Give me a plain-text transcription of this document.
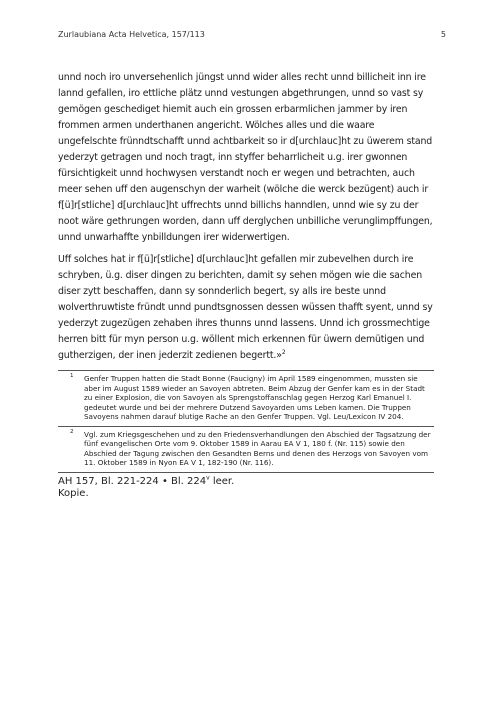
Zurlaubiana Acta Helvetica, 157/113	5

unnd noch iro unversehenlich jüngst unnd wider alles recht unnd billicheit inn ire lannd gefallen, iro ettliche plätz unnd vestungen abgethrungen, unnd so vast sy gemögen geschediget hiemit auch ein grossen erbarmlichen jammer by iren frommen armen underthanen angericht. Wölches alles und die waare ungefelschte frünndtschafft unnd achtbarkeit so ir d[urchlauc]ht zu üwerem stand yederzyt getragen und noch tragt, inn styffer beharrlicheit u.g. irer gwonnen fürsichtigkeit unnd hochwysen verstandt noch er wegen und betrachten, auch meer sehen uff den augenschyn der warheit (wölche die werck bezügent) auch ir f[ü]r[stliche] d[urchlauc]ht uffrechts unnd billichs hanndlen, unnd wie sy zu der noot wäre gethrungen worden, dann uff derglychen unbilliche verunglimpffungen, unnd unwarhaffte ynbilldungen irer widerwertigen.

Uff solches hat ir f[ü]r[stliche] d[urchlauc]ht gefallen mir zubevelhen durch ire schryben, ü.g. diser dingen zu berichten, damit sy sehen mögen wie die sachen diser zytt beschaffen, dann sy sonnderlich begert, sy alls ire beste unnd wolverthruwtiste fründt unnd pundtsgnossen dessen wüssen thafft syent, unnd sy yederzyt zugezügen zehaben ihres thunns unnd lassens. Unnd ich grossmechtige herren bitt für myn person u.g. wöllent mich erkennen für üwern demütigen und gutherzigen, der inen jederzit zedienen begertt.»$^2$

1 Genfer Truppen hatten die Stadt Bonne (Faucigny) im April 1589 eingenommen, mussten sie aber im August 1589 wieder an Savoyen abtreten. Beim Abzug der Genfer kam es in der Stadt zu einer Explosion, die von Savoyen als Sprengstoffanschlag gegen Herzog Karl Emanuel I. gedeutet wurde und bei der mehrere Dutzend Savoyarden ums Leben kamen. Die Truppen Savoyens nahmen darauf blutige Rache an den Genfer Truppen. Vgl. Leu/Lexicon IV 204.
2 Vgl. zum Kriegsgeschehen und zu den Friedensverhandlungen den Abschied der Tagsatzung der fünf evangelischen Orte vom 9. Oktober 1589 in Aarau EA V 1, 180 f. (Nr. 115) sowie den Abschied der Tagung zwischen den Gesandten Berns und denen des Herzogs von Savoyen vom 11. Oktober 1589 in Nyon EA V 1, 182-190 (Nr. 116).
AH 157, Bl. 221-224 • Bl. 224$^v$ leer.
Kopie.
